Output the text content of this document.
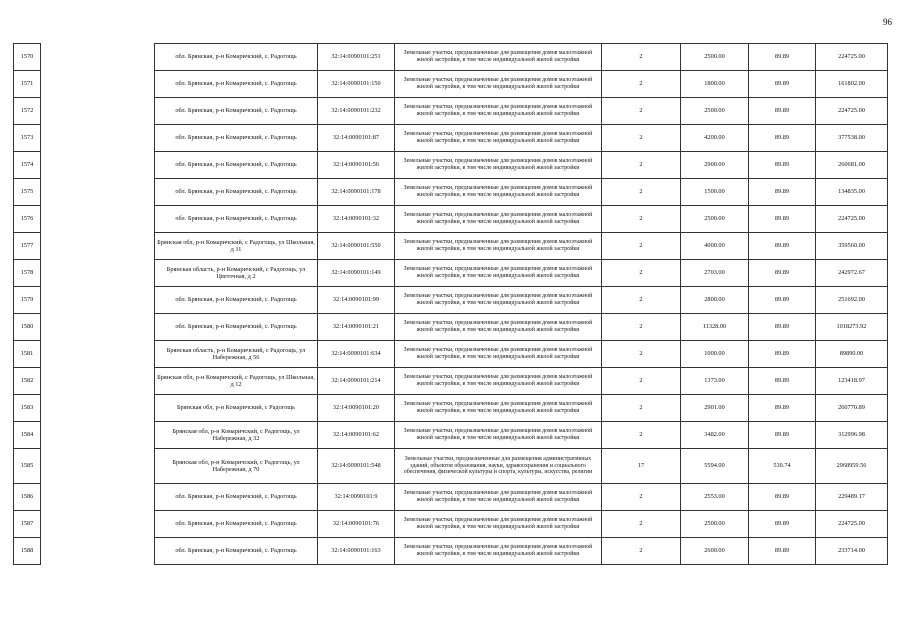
96
1570		обл. Брянская, р-н Комаричский, с. Радогощь	32:14:0090101:251	Земельные участки, предназначенные для размещения домов малоэтажной жилой застройки, в том числе индивидуальной жилой застройки	2	2500.00	89.89	224725.00
1571		обл. Брянская, р-н Комаричский, с. Радогощь	32:14:0090101:150	Земельные участки, предназначенные для размещения домов малоэтажной жилой застройки, в том числе индивидуальной жилой застройки	2	1800.00	89.89	161802.00
1572		обл. Брянская, р-н Комаричский, с. Радогощь	32:14:0090101:232	Земельные участки, предназначенные для размещения домов малоэтажной жилой застройки, в том числе индивидуальной жилой застройки	2	2500.00	89.89	224725.00
1573		обл. Брянская, р-н Комаричский, с. Радогощь	32:14:0090101:87	Земельные участки, предназначенные для размещения домов малоэтажной жилой застройки, в том числе индивидуальной жилой застройки	2	4200.00	89.89	377538.00
1574		обл. Брянская, р-н Комаричский, с. Радогощь	32:14:0090101:56	Земельные участки, предназначенные для размещения домов малоэтажной жилой застройки, в том числе индивидуальной жилой застройки	2	2900.00	89.89	260681.00
1575		обл. Брянская, р-н Комаричский, с. Радогощь	32:14:0090101:178	Земельные участки, предназначенные для размещения домов малоэтажной жилой застройки, в том числе индивидуальной жилой застройки	2	1500.00	89.89	134835.00
1576		обл. Брянская, р-н Комаричский, с. Радогощь	32:14:0090101:32	Земельные участки, предназначенные для размещения домов малоэтажной жилой застройки, в том числе индивидуальной жилой застройки	2	2500.00	89.89	224725.00
1577		Брянская обл, р-н Комаричский, с Радогощь, ул Школьная, д 11	32:14:0090101:550	Земельные участки, предназначенные для размещения домов малоэтажной жилой застройки, в том числе индивидуальной жилой застройки	2	4000.00	89.89	359560.00
1578		Брянская область, р-н Комаричский, с Радогощь, ул Цветочная, д 2	32:14:0090101:149	Земельные участки, предназначенные для размещения домов малоэтажной жилой застройки, в том числе индивидуальной жилой застройки	2	2703.00	89.89	242972.67
1579		обл. Брянская, р-н Комаричский, с. Радогощь	32:14:0090101:99	Земельные участки, предназначенные для размещения домов малоэтажной жилой застройки, в том числе индивидуальной жилой застройки	2	2800.00	89.89	251692.00
1580		обл. Брянская, р-н Комаричский, с. Радогощь	32:14:0090101:21	Земельные участки, предназначенные для размещения домов малоэтажной жилой застройки, в том числе индивидуальной жилой застройки	2	11328.00	89.89	1018273.92
1581		Брянская область, р-н Комаричский, с Радогощь, ул Набережная, д 56	32:14:0090101:634	Земельные участки, предназначенные для размещения домов малоэтажной жилой застройки, в том числе индивидуальной жилой застройки	2	1000.00	89.89	89890.00
1582		Брянская обл, р-н Комаричский, с Радогощь, ул Школьная, д 12	32:14:0090101:214	Земельные участки, предназначенные для размещения домов малоэтажной жилой застройки, в том числе индивидуальной жилой застройки	2	1373.00	89.89	123418.97
1583		Брянская обл, р-н Комаричский, с Радогощь	32:14:0090101:20	Земельные участки, предназначенные для размещения домов малоэтажной жилой застройки, в том числе индивидуальной жилой застройки	2	2901.00	89.89	260770.89
1584		Брянская обл, р-н Комаричский, с Радогощь, ул Набережная, д 32	32:14:0090101:62	Земельные участки, предназначенные для размещения домов малоэтажной жилой застройки, в том числе индивидуальной жилой застройки	2	3482.00	89.89	312996.98
1585		Брянская обл, р-н Комаричский, с Радогощь, ул Набережная, д 70	32:14:0090101:548	Земельные участки, предназначенные для размещения административных зданий, объектов образования, науки, здравоохранения и социального обеспечения, физической культуры и спорта, культуры, искусства, религии	17	5594.00	530.74	2968959.56
1586		обл. Брянская, р-н Комаричский, с. Радогощь	32:14:0090101:9	Земельные участки, предназначенные для размещения домов малоэтажной жилой застройки, в том числе индивидуальной жилой застройки	2	2553.00	89.89	229489.17
1587		обл. Брянская, р-н Комаричский, с. Радогощь	32:14:0090101:76	Земельные участки, предназначенные для размещения домов малоэтажной жилой застройки, в том числе индивидуальной жилой застройки	2	2500.00	89.89	224725.00
1588		обл. Брянская, р-н Комаричский, с. Радогощь	32:14:0090101:163	Земельные участки, предназначенные для размещения домов малоэтажной жилой застройки, в том числе индивидуальной жилой застройки	2	2600.00	89.89	233714.00
